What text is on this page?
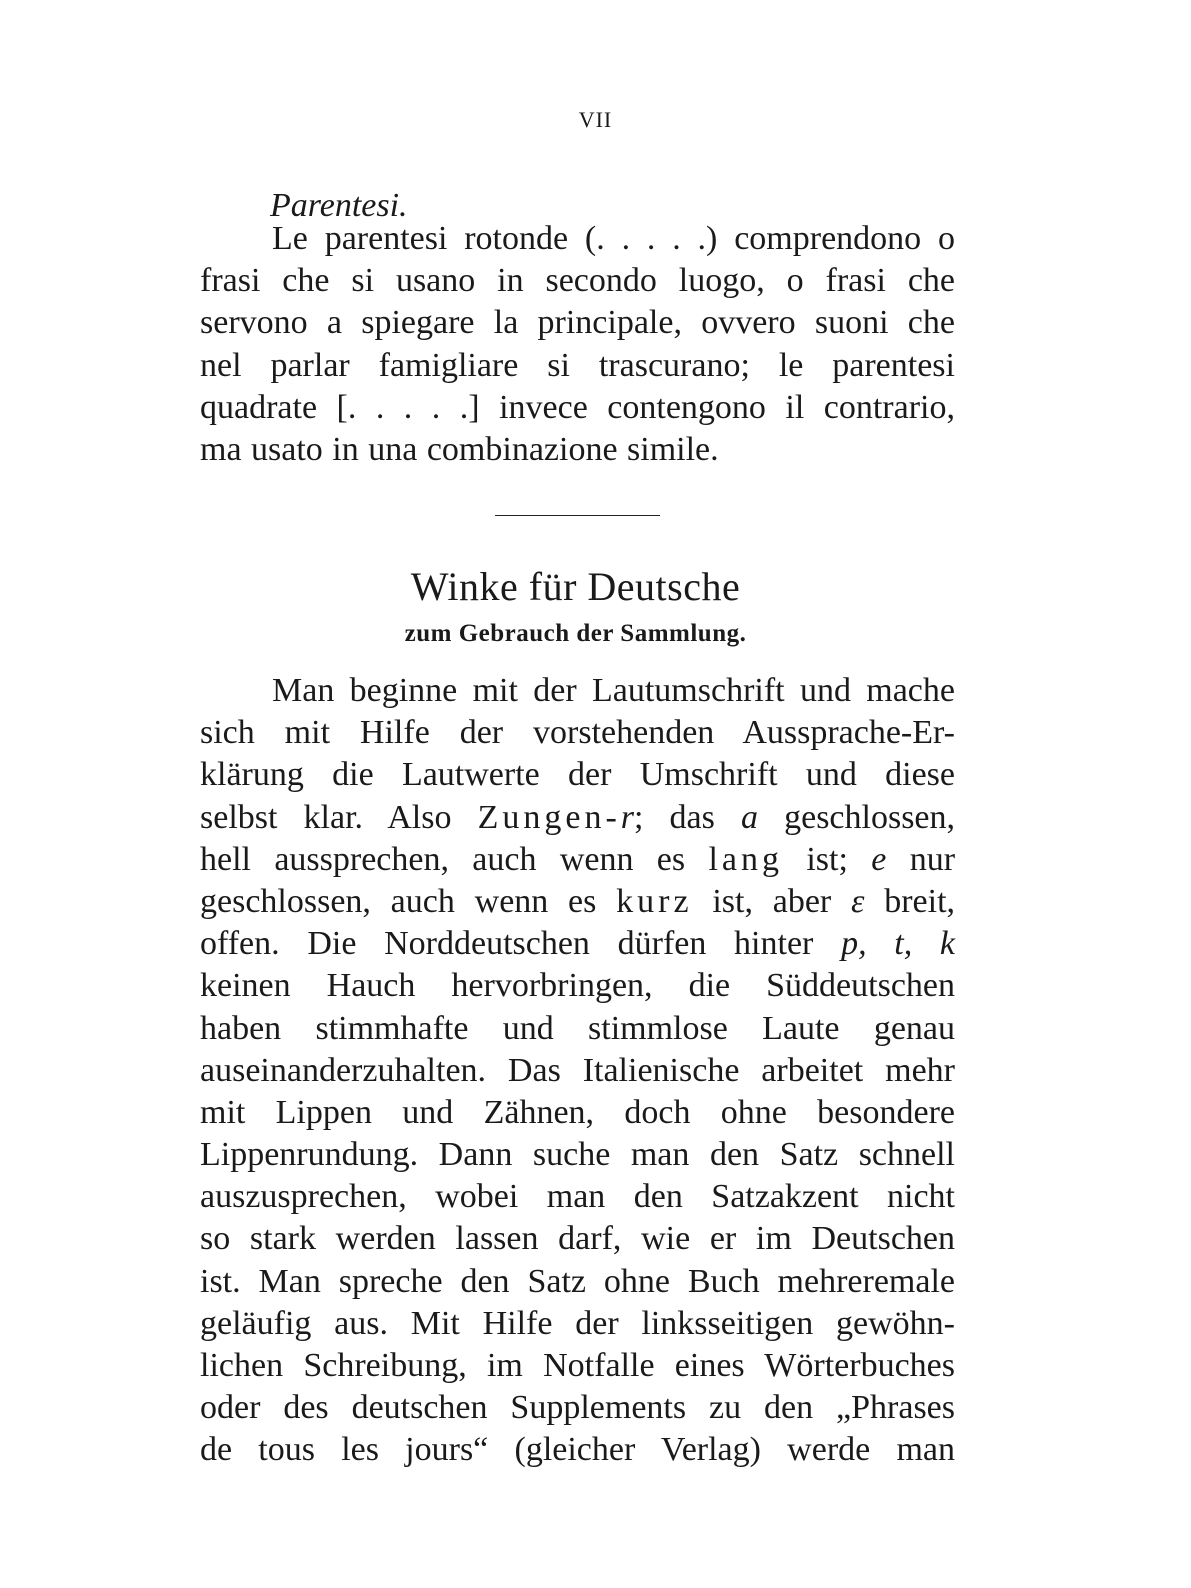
VII
Parentesi.
Le parentesi rotonde (. . . . .) comprendono o
frasi che si usano in secondo luogo, o frasi che
servono a spiegare la principale, ovvero suoni che
nel parlar famigliare si trascurano; le parentesi
quadrate [. . . . .] invece contengono il contrario,
ma usato in una combinazione simile.
Winke für Deutsche
zum Gebrauch der Sammlung.
Man beginne mit der Lautumschrift und mache
sich mit Hilfe der vorstehenden Aussprache-Er-
klärung die Lautwerte der Umschrift und diese
selbst klar. Also Zungen-r; das a geschlossen,
hell aussprechen, auch wenn es lang ist; e nur
geschlossen, auch wenn es kurz ist, aber ε breit,
offen. Die Norddeutschen dürfen hinter p, t, k
keinen Hauch hervorbringen, die Süddeutschen
haben stimmhafte und stimmlose Laute genau
auseinanderzuhalten. Das Italienische arbeitet mehr
mit Lippen und Zähnen, doch ohne besondere
Lippenrundung. Dann suche man den Satz schnell
auszusprechen, wobei man den Satzakzent nicht
so stark werden lassen darf, wie er im Deutschen
ist. Man spreche den Satz ohne Buch mehreremale
geläufig aus. Mit Hilfe der linksseitigen gewöhn-
lichen Schreibung, im Notfalle eines Wörterbuches
oder des deutschen Supplements zu den „Phrases
de tous les jours“ (gleicher Verlag) werde man
